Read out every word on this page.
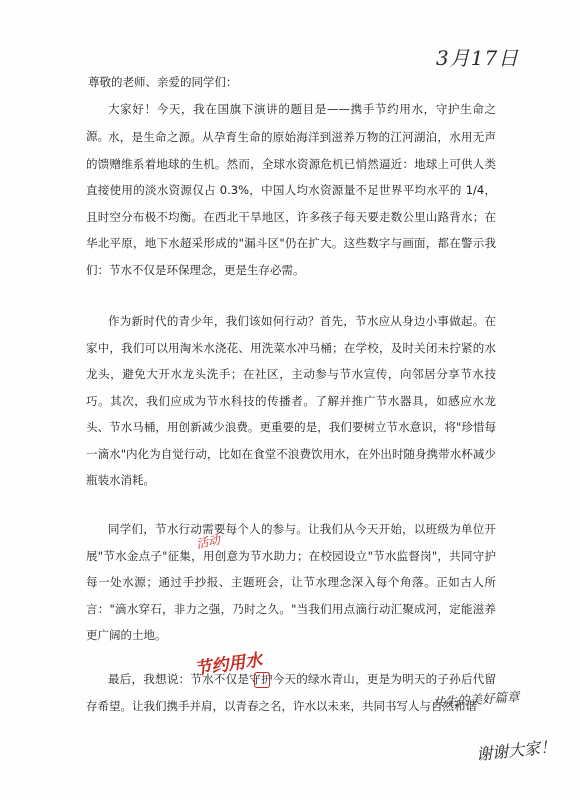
3月17日
尊敬的老师、亲爱的同学们：

大家好！今天，我在国旗下演讲的题目是——携手节约用水，守护生命之源。 水，是生命之源。从孕育生命的原始海洋到滋养万物的江河湖泊，水用无声的馈赠维系着地球的生机。然而，全球水资源危机已悄然逼近：地球上可供人类直接使用的淡水资源仅占 0.3%，中国人均水资源量不足世界平均水平的 1/4，且时空分布极不均衡。在西北干旱地区，许多孩子每天要走数公里山路背水；在华北平原，地下水超采形成的"漏斗区"仍在扩大。这些数字与画面，都在警示我们：节水不仅是环保理念，更是生存必需。

作为新时代的青少年，我们该如何行动？首先，节水应从身边小事做起。在家中，我们可以用淘米水浇花、用洗菜水冲马桶；在学校，及时关闭未拧紧的水龙头，避免大开水龙头洗手；在社区，主动参与节水宣传，向邻居分享节水技巧。其次，我们应成为节水科技的传播者。了解并推广节水器具，如感应水龙头、节水马桶，用创新减少浪费。更重要的是，我们要树立节水意识，将"珍惜每一滴水"内化为自觉行动，比如在食堂不浪费饮用水，在外出时随身携带水杯减少瓶装水消耗。

同学们，节水行动需要每个人的参与。让我们从今天开始，以班级为单位开展"节水金点子"征集，用创意为节水助力；在校园设立"节水监督岗"，共同守护每一处水源；通过手抄报、主题班会，让节水理念深入每个角落。正如古人所言："滴水穿石，非力之强，乃时之久。"当我们用点滴行动汇聚成河，定能滋养更广阔的土地。

最后，我想说：节水不仅是守护今天的绿水青山，更是为明天的子孙后代留存希望。让我们携手并肩，以青春之名，许水以未来，共同书写人与自然和谐

活动
节约用水
共生的美好篇章
谢谢大家！
